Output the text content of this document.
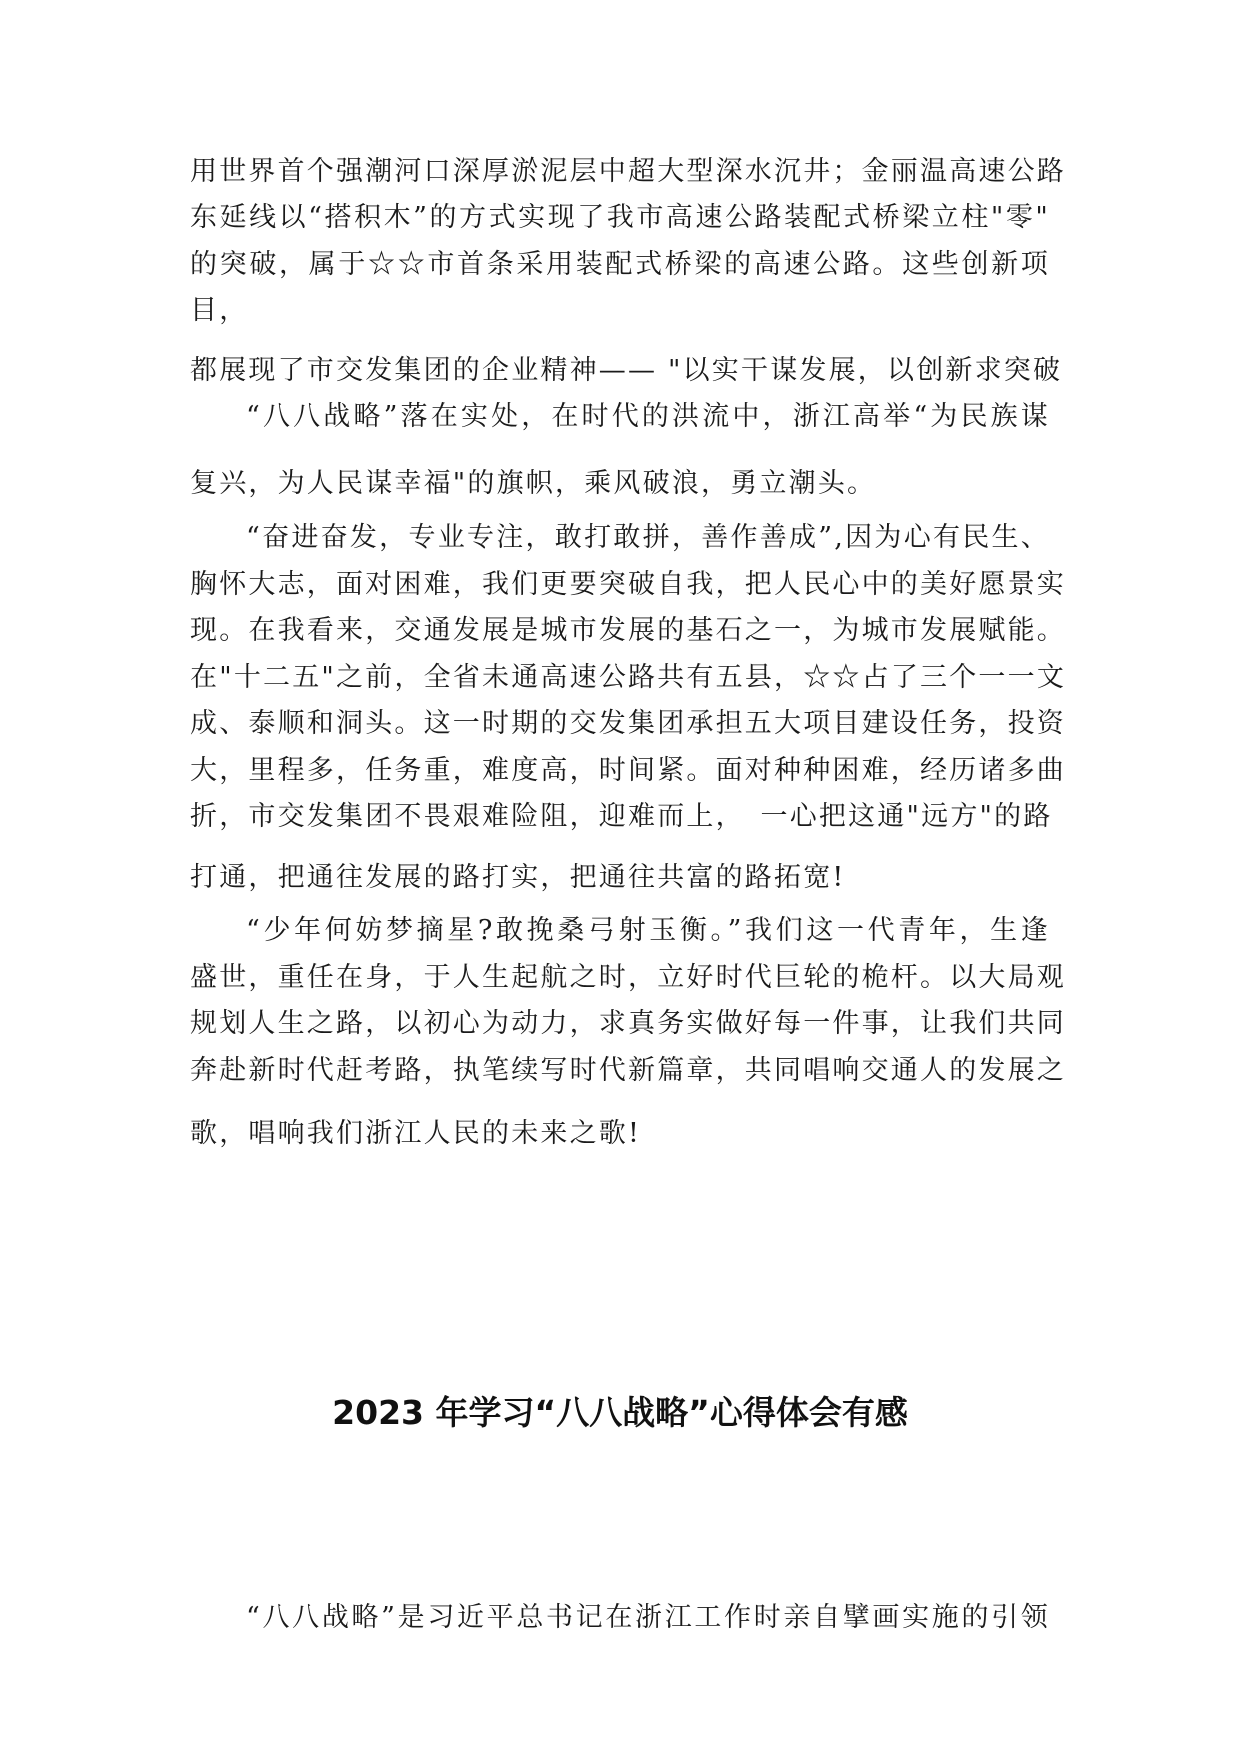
用世界首个强潮河口深厚淤泥层中超大型深水沉井；金丽温高速公路
东延线以“搭积木”的方式实现了我市高速公路装配式桥梁立柱"零"
的突破，属于☆☆市首条采用装配式桥梁的高速公路。这些创新项
目，
都展现了市交发集团的企业精神—— "以实干谋发展，以创新求突破
“八八战略”落在实处，在时代的洪流中，浙江高举“为民族谋
复兴，为人民谋幸福"的旗帜，乘风破浪，勇立潮头。
“奋进奋发，专业专注，敢打敢拼，善作善成”,因为心有民生、
胸怀大志，面对困难，我们更要突破自我，把人民心中的美好愿景实
现。在我看来，交通发展是城市发展的基石之一，为城市发展赋能。
在"十二五"之前，全省未通高速公路共有五县，☆☆占了三个一一文
成、泰顺和洞头。这一时期的交发集团承担五大项目建设任务，投资
大，里程多，任务重，难度高，时间紧。面对种种困难，经历诸多曲
折，市交发集团不畏艰难险阻，迎难而上，　一心把这通"远方"的路
打通，把通往发展的路打实，把通往共富的路拓宽!
“少年何妨梦摘星?敢挽桑弓射玉衡。”我们这一代青年，生逢
盛世，重任在身，于人生起航之时，立好时代巨轮的桅杆。以大局观
规划人生之路，以初心为动力，求真务实做好每一件事，让我们共同
奔赴新时代赶考路，执笔续写时代新篇章，共同唱响交通人的发展之
歌，唱响我们浙江人民的未来之歌!
2023 年学习“八八战略”心得体会有感
“八八战略”是习近平总书记在浙江工作时亲自擘画实施的引领
